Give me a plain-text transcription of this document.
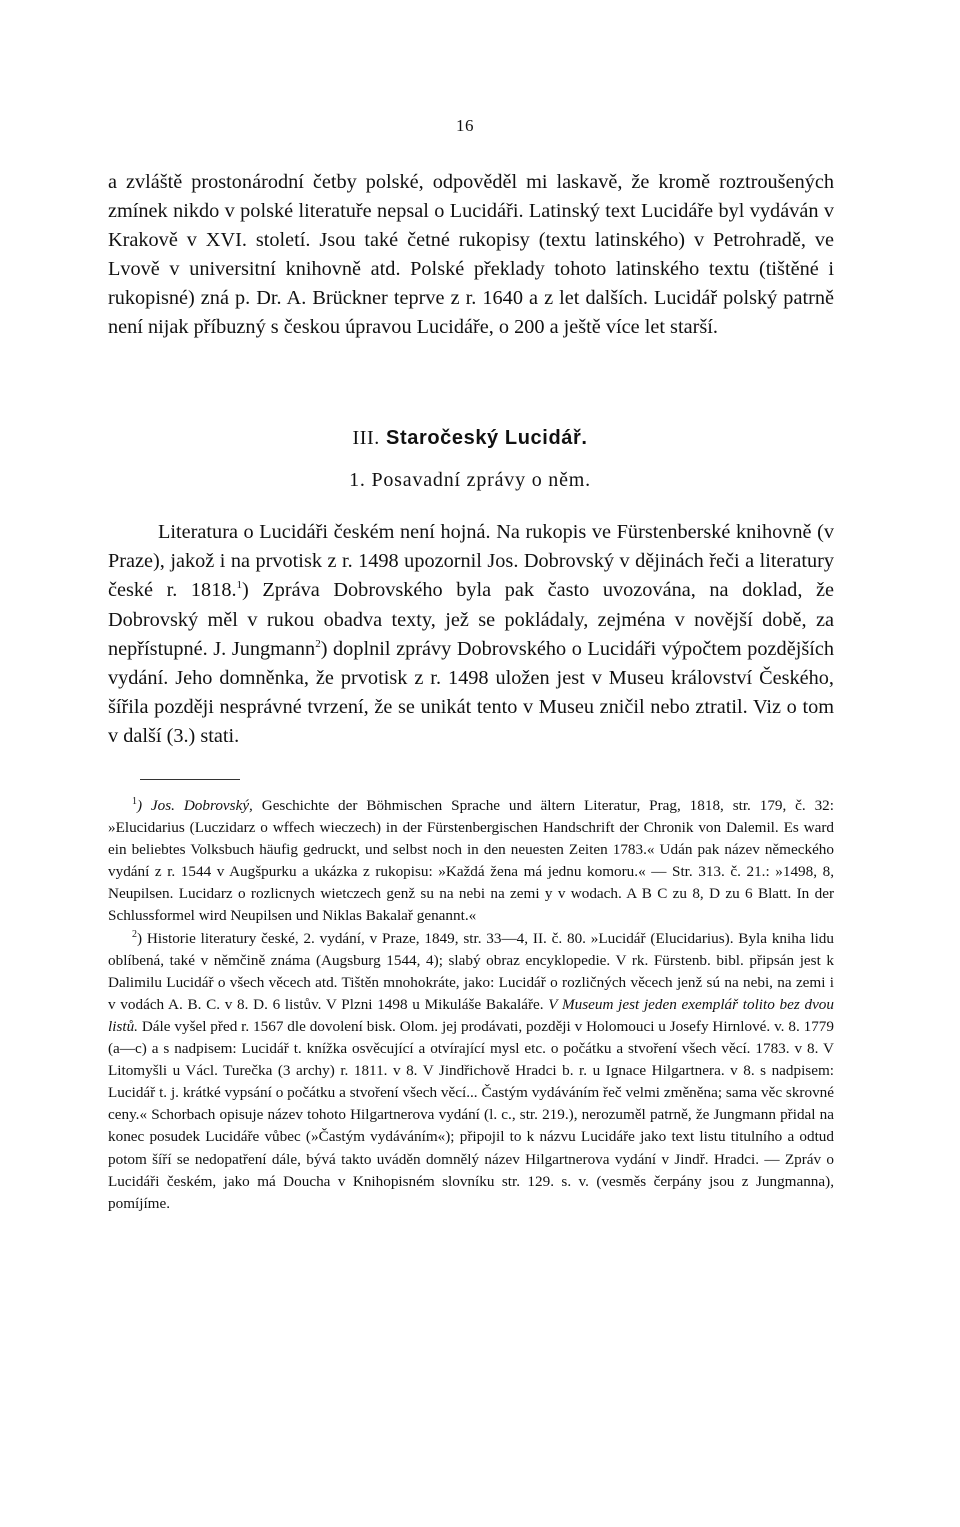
16

a zvláště prostonárodní četby polské, odpověděl mi laskavě, že kromě roztroušených zmínek nikdo v polské literatuře nepsal o Lucidáři. Latinský text Lucidáře byl vydáván v Krakově v XVI. století. Jsou také četné rukopisy (textu latinského) v Petrohradě, ve Lvově v universitní knihovně atd. Polské překlady tohoto latinského textu (tištěné i rukopisné) zná p. Dr. A. Brückner teprve z r. 1640 a z let dalších. Lucidář polský patrně není nijak příbuzný s českou úpravou Lucidáře, o 200 a ještě více let starší.

III. Staročeský Lucidář.
1. Posavadní zprávy o něm.

Literatura o Lucidáři českém není hojná. Na rukopis ve Fürstenberské knihovně (v Praze), jakož i na prvotisk z r. 1498 upozornil Jos. Dobrovský v dějinách řeči a literatury české r. 1818.$^1$) Zpráva Dobrovského byla pak často uvozována, na doklad, že Dobrovský měl v rukou obadva texty, jež se pokládaly, zejména v novější době, za nepřístupné. J. Jungmann$^2$) doplnil zprávy Dobrovského o Lucidáři výpočtem pozdějších vydání. Jeho domněnka, že prvotisk z r. 1498 uložen jest v Museu království Českého, šířila později nesprávné tvrzení, že se unikát tento v Museu zničil nebo ztratil. Viz o tom v další (3.) stati.

$^1$) Jos. Dobrovský, Geschichte der Böhmischen Sprache und ältern Literatur, Prag, 1818, str. 179, č. 32: »Elucidarius (Luczidarz o wffech wieczech) in der Fürstenbergischen Handschrift der Chronik von Dalemil. Es ward ein beliebtes Volksbuch häufig gedruckt, und selbst noch in den neuesten Zeiten 1783.« Udán pak název německého vydání z r. 1544 v Augšpurku a ukázka z rukopisu: »Každá žena má jednu komoru.« — Str. 313. č. 21.: »1498, 8, Neupilsen. Lucidarz o rozlicnych wietczech genž su na nebi na zemi y v wodach. A B C zu 8, D zu 6 Blatt. In der Schlussformel wird Neupilsen und Niklas Bakalař genannt.«

$^2$) Historie literatury české, 2. vydání, v Praze, 1849, str. 33—4, II. č. 80. »Lucidář (Elucidarius). Byla kniha lidu oblíbená, také v němčině známa (Augsburg 1544, 4); slabý obraz encyklopedie. V rk. Fürstenb. bibl. připsán jest k Dalimilu Lucidář o všech věcech atd. Tištěn mnohokráte, jako: Lucidář o rozličných věcech jenž sú na nebi, na zemi i v vodách A. B. C. v 8. D. 6 listův. V Plzni 1498 u Mikuláše Bakaláře. V Museum jest jeden exemplář tolito bez dvou listů. Dále vyšel před r. 1567 dle dovolení bisk. Olom. jej prodávati, později v Holomouci u Josefy Hirnlové. v. 8. 1779 (a—c) a s nadpisem: Lucidář t. knížka osvěcující a otvírající mysl etc. o počátku a stvoření všech věcí. 1783. v 8. V Litomyšli u Václ. Turečka (3 archy) r. 1811. v 8. V Jindřichově Hradci b. r. u Ignace Hilgartnera. v 8. s nadpisem: Lucidář t. j. krátké vypsání o počátku a stvoření všech věcí... Častým vydáváním řeč velmi změněna; sama věc skrovné ceny.« Schorbach opisuje název tohoto Hilgartnerova vydání (l. c., str. 219.), nerozuměl patrně, že Jungmann přidal na konec posudek Lucidáře vůbec (»Častým vydáváním«); připojil to k názvu Lucidáře jako text listu titulního a odtud potom šíří se nedopatření dále, bývá takto uváděn domnělý název Hilgartnerova vydání v Jindř. Hradci. — Zpráv o Lucidáři českém, jako má Doucha v Knihopisném slovníku str. 129. s. v. (vesměs čerpány jsou z Jungmanna), pomíjíme.
